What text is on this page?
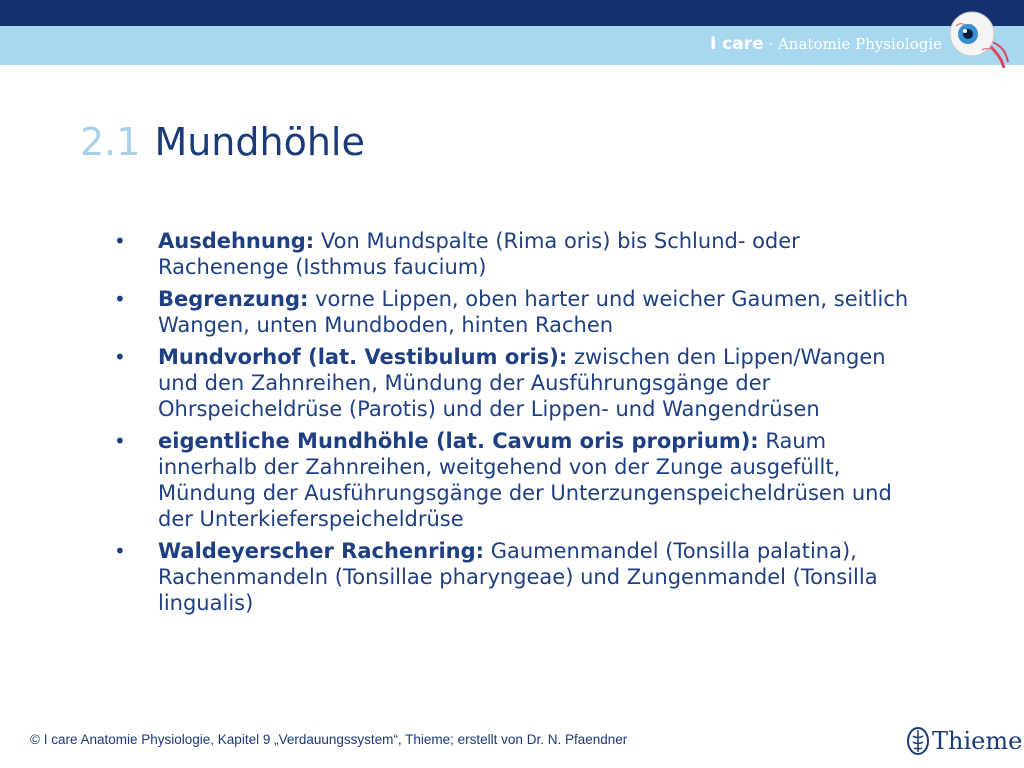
I care · Anatomie Physiologie
2.1 Mundhöhle
• Ausdehnung: Von Mundspalte (Rima oris) bis Schlund- oder Rachenenge (Isthmus faucium)
• Begrenzung: vorne Lippen, oben harter und weicher Gaumen, seitlich Wangen, unten Mundboden, hinten Rachen
• Mundvorhof (lat. Vestibulum oris): zwischen den Lippen/Wangen und den Zahnreihen, Mündung der Ausführungsgänge der Ohrspeicheldrüse (Parotis) und der Lippen- und Wangendrüsen
• eigentliche Mundhöhle (lat. Cavum oris proprium): Raum innerhalb der Zahnreihen, weitgehend von der Zunge ausgefüllt, Mündung der Ausführungsgänge der Unterzungenspeicheldrüsen und der Unterkieferspeicheldrüse
• Waldeyerscher Rachenring: Gaumenmandel (Tonsilla palatina), Rachenmandeln (Tonsillae pharyngeae) und Zungenmandel (Tonsilla lingualis)
© I care Anatomie Physiologie, Kapitel 9 „Verdauungssystem“, Thieme; erstellt von Dr. N. Pfaendner	Thieme
